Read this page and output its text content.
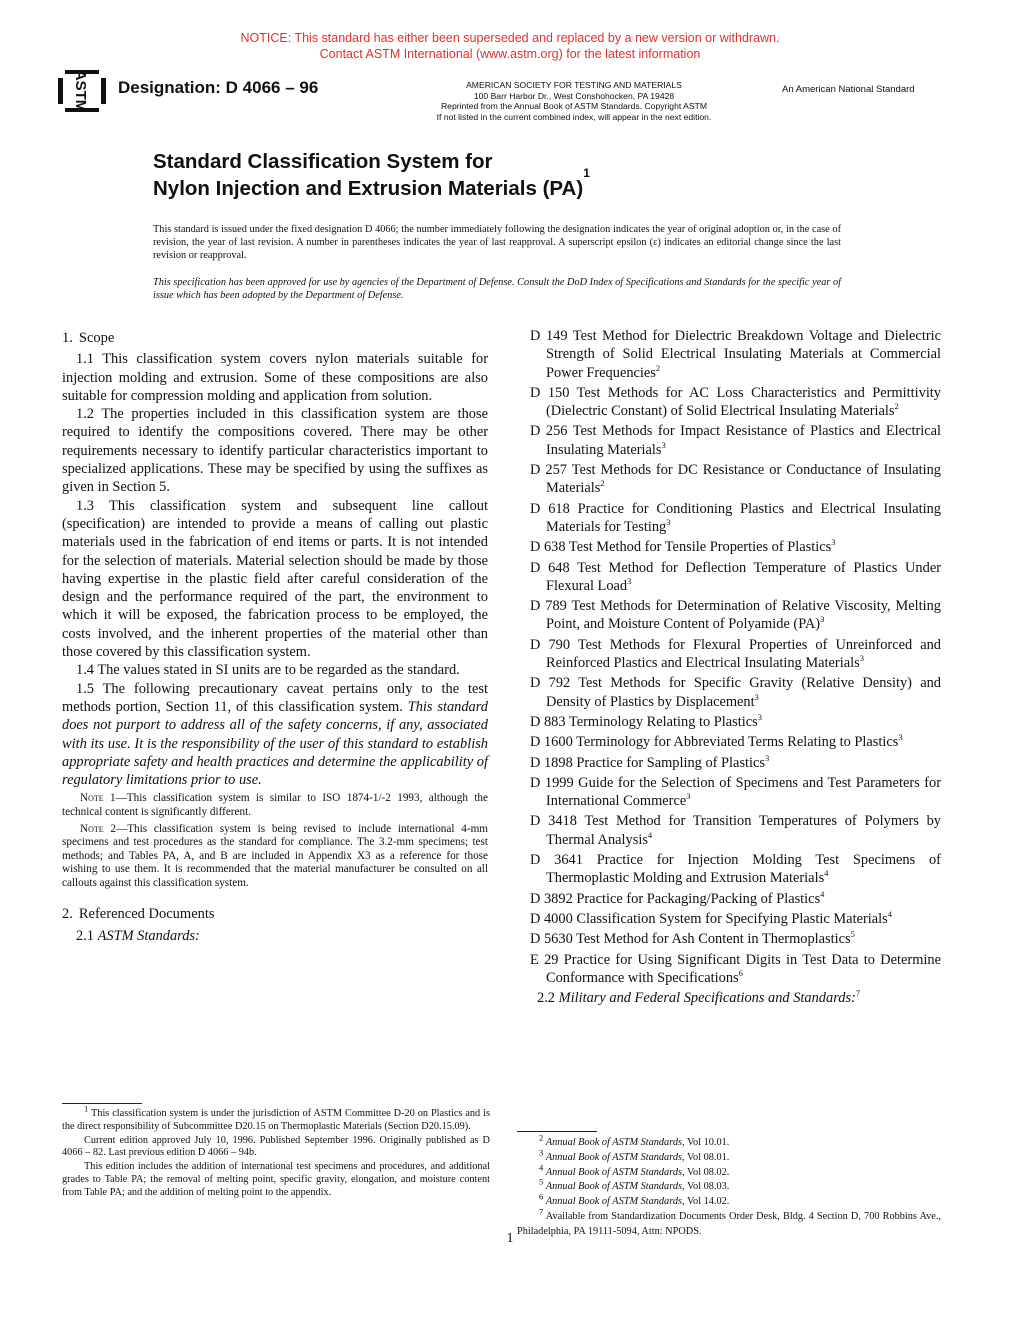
NOTICE: This standard has either been superseded and replaced by a new version or withdrawn.
Contact ASTM International (www.astm.org) for the latest information
ASTM Designation: D 4066 – 96	AMERICAN SOCIETY FOR TESTING AND MATERIALS
100 Barr Harbor Dr., West Conshohocken, PA 19428
Reprinted from the Annual Book of ASTM Standards. Copyright ASTM
If not listed in the current combined index, will appear in the next edition.
An American National Standard
Standard Classification System for
Nylon Injection and Extrusion Materials (PA)$^1$
This standard is issued under the fixed designation D 4066; the number immediately following the designation indicates the year of original adoption or, in the case of revision, the year of last revision. A number in parentheses indicates the year of last reapproval. A superscript epsilon (ε) indicates an editorial change since the last revision or reapproval.
This specification has been approved for use by agencies of the Department of Defense. Consult the DoD Index of Specifications and Standards for the specific year of issue which has been adopted by the Department of Defense.

1. Scope

1.1 This classification system covers nylon materials suitable for injection molding and extrusion. Some of these compositions are also suitable for compression molding and application from solution.

1.2 The properties included in this classification system are those required to identify the compositions covered. There may be other requirements necessary to identify particular characteristics important to specialized applications. These may be specified by using the suffixes as given in Section 5.

1.3 This classification system and subsequent line callout (specification) are intended to provide a means of calling out plastic materials used in the fabrication of end items or parts. It is not intended for the selection of materials. Material selection should be made by those having expertise in the plastic field after careful consideration of the design and the performance required of the part, the environment to which it will be exposed, the fabrication process to be employed, the costs involved, and the inherent properties of the material other than those covered by this classification system.

1.4 The values stated in SI units are to be regarded as the standard.

1.5 The following precautionary caveat pertains only to the test methods portion, Section 11, of this classification system. This standard does not purport to address all of the safety concerns, if any, associated with its use. It is the responsibility of the user of this standard to establish appropriate safety and health practices and determine the applicability of regulatory limitations prior to use.

Note 1—This classification system is similar to ISO 1874-1/-2 1993, although the technical content is significantly different.

Note 2—This classification system is being revised to include international 4-mm specimens and test procedures as the standard for compliance. The 3.2-mm specimens; test methods; and Tables PA, A, and B are included in Appendix X3 as a reference for those wishing to use them. It is recommended that the material manufacturer be consulted on all callouts against this classification system.

2. Referenced Documents

2.1 ASTM Standards:

D 149 Test Method for Dielectric Breakdown Voltage and Dielectric Strength of Solid Electrical Insulating Materials at Commercial Power Frequencies$^2$

D 150 Test Methods for AC Loss Characteristics and Permittivity (Dielectric Constant) of Solid Electrical Insulating Materials$^2$

D 256 Test Methods for Impact Resistance of Plastics and Electrical Insulating Materials$^3$

D 257 Test Methods for DC Resistance or Conductance of Insulating Materials$^2$

D 618 Practice for Conditioning Plastics and Electrical Insulating Materials for Testing$^3$

D 638 Test Method for Tensile Properties of Plastics$^3$

D 648 Test Method for Deflection Temperature of Plastics Under Flexural Load$^3$

D 789 Test Methods for Determination of Relative Viscosity, Melting Point, and Moisture Content of Polyamide (PA)$^3$

D 790 Test Methods for Flexural Properties of Unreinforced and Reinforced Plastics and Electrical Insulating Materials$^3$

D 792 Test Methods for Specific Gravity (Relative Density) and Density of Plastics by Displacement$^3$

D 883 Terminology Relating to Plastics$^3$

D 1600 Terminology for Abbreviated Terms Relating to Plastics$^3$

D 1898 Practice for Sampling of Plastics$^3$

D 1999 Guide for the Selection of Specimens and Test Parameters for International Commerce$^3$

D 3418 Test Method for Transition Temperatures of Polymers by Thermal Analysis$^4$

D 3641 Practice for Injection Molding Test Specimens of Thermoplastic Molding and Extrusion Materials$^4$

D 3892 Practice for Packaging/Packing of Plastics$^4$

D 4000 Classification System for Specifying Plastic Materials$^4$

D 5630 Test Method for Ash Content in Thermoplastics$^5$

E 29 Practice for Using Significant Digits in Test Data to Determine Conformance with Specifications$^6$

2.2 Military and Federal Specifications and Standards:$^7$

$^1$ This classification system is under the jurisdiction of ASTM Committee D-20 on Plastics and is the direct responsibility of Subcommittee D20.15 on Thermoplastic Materials (Section D20.15.09).

Current edition approved July 10, 1996. Published September 1996. Originally published as D 4066 – 82. Last previous edition D 4066 – 94b.

This edition includes the addition of international test specimens and procedures, and additional grades to Table PA; the removal of melting point, specific gravity, elongation, and moisture content from Table PA; and the addition of melting point to the appendix.

$^2$ Annual Book of ASTM Standards, Vol 10.01.

$^3$ Annual Book of ASTM Standards, Vol 08.01.

$^4$ Annual Book of ASTM Standards, Vol 08.02.

$^5$ Annual Book of ASTM Standards, Vol 08.03.

$^6$ Annual Book of ASTM Standards, Vol 14.02.

$^7$ Available from Standardization Documents Order Desk, Bldg. 4 Section D, 700 Robbins Ave., Philadelphia, PA 19111-5094, Attn: NPODS.

1
